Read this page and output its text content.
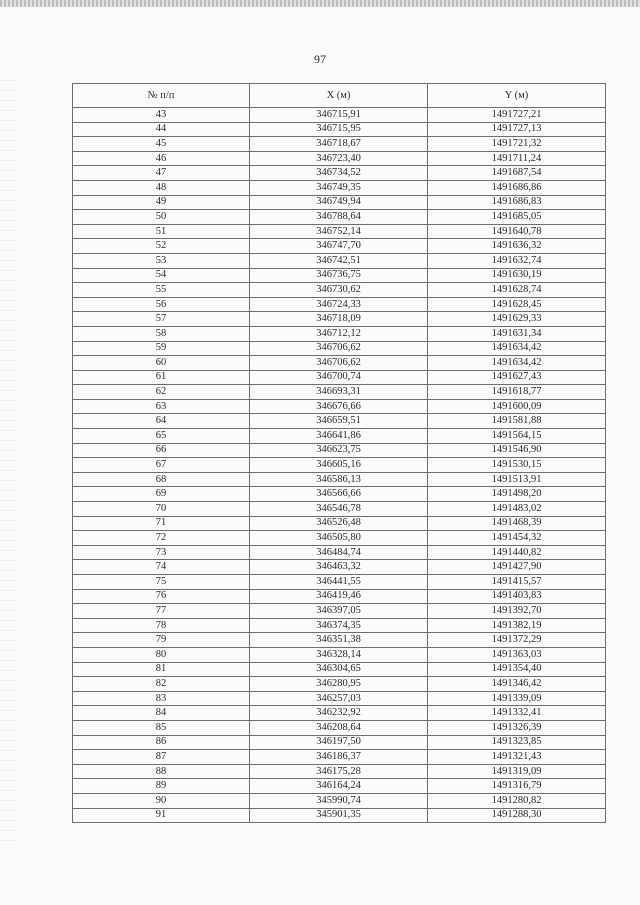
97
№ п/п	X (м)	Y (м)
43	346715,91	1491727,21
44	346715,95	1491727,13
45	346718,67	1491721,32
46	346723,40	1491711,24
47	346734,52	1491687,54
48	346749,35	1491686,86
49	346749,94	1491686,83
50	346788,64	1491685,05
51	346752,14	1491640,78
52	346747,70	1491636,32
53	346742,51	1491632,74
54	346736,75	1491630,19
55	346730,62	1491628,74
56	346724,33	1491628,45
57	346718,09	1491629,33
58	346712,12	1491631,34
59	346706,62	1491634,42
60	346706,62	1491634,42
61	346700,74	1491627,43
62	346693,31	1491618,77
63	346676,66	1491600,09
64	346659,51	1491581,88
65	346641,86	1491564,15
66	346623,75	1491546,90
67	346605,16	1491530,15
68	346586,13	1491513,91
69	346566,66	1491498,20
70	346546,78	1491483,02
71	346526,48	1491468,39
72	346505,80	1491454,32
73	346484,74	1491440,82
74	346463,32	1491427,90
75	346441,55	1491415,57
76	346419,46	1491403,83
77	346397,05	1491392,70
78	346374,35	1491382,19
79	346351,38	1491372,29
80	346328,14	1491363,03
81	346304,65	1491354,40
82	346280,95	1491346,42
83	346257,03	1491339,09
84	346232,92	1491332,41
85	346208,64	1491326,39
86	346197,50	1491323,85
87	346186,37	1491321,43
88	346175,28	1491319,09
89	346164,24	1491316,79
90	345990,74	1491280,82
91	345901,35	1491288,30
